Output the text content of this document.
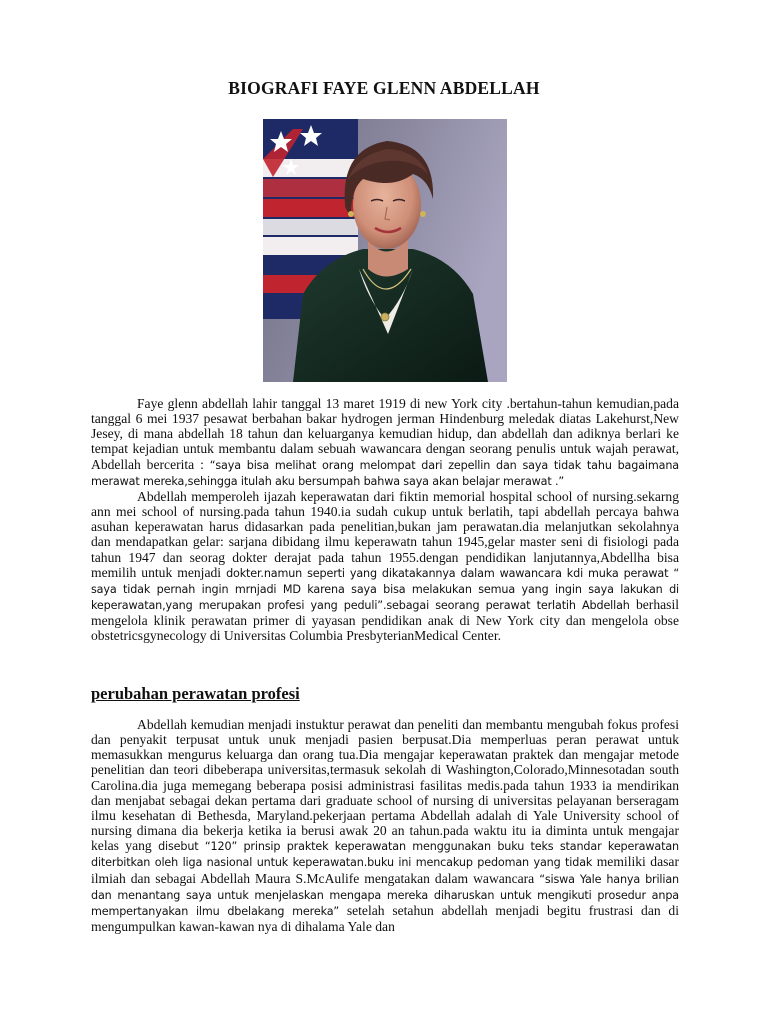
BIOGRAFI FAYE GLENN ABDELLAH

Faye glenn abdellah lahir tanggal 13 maret 1919 di new York city .bertahun-tahun kemudian,pada tanggal 6 mei 1937 pesawat berbahan bakar hydrogen jerman Hindenburg meledak diatas Lakehurst,New Jesey, di mana abdellah 18 tahun dan keluarganya kemudian hidup, dan abdellah dan adiknya berlari ke tempat kejadian untuk membantu dalam sebuah wawancara dengan seorang penulis untuk wajah perawat, Abdellah bercerita : “saya bisa melihat orang melompat dari zepellin dan saya tidak tahu bagaimana merawat mereka,sehingga itulah aku bersumpah bahwa saya akan belajar merawat .”

Abdellah memperoleh ijazah keperawatan dari fiktin memorial hospital school of nursing.sekarng ann mei school of nursing.pada tahun 1940.ia sudah cukup untuk berlatih, tapi abdellah percaya bahwa asuhan keperawatan harus didasarkan pada penelitian,bukan jam perawatan.dia melanjutkan sekolahnya dan mendapatkan gelar: sarjana dibidang ilmu keperawatn tahun 1945,gelar master seni di fisiologi pada tahun 1947 dan seorag dokter derajat pada tahun 1955.dengan pendidikan lanjutannya,Abdellha bisa memilih untuk menjadi dokter.namun seperti yang dikatakannya dalam wawancara kdi muka perawat “ saya tidak pernah ingin mrnjadi MD karena saya bisa melakukan semua yang ingin saya lakukan di keperawatan,yang merupakan profesi yang peduli”.sebagai seorang perawat terlatih Abdellah berhasil mengelola klinik perawatan primer di yayasan pendidikan anak di New York city dan mengelola obse obstetricsgynecology di Universitas Columbia PresbyterianMedical Center.

perubahan perawatan profesi

Abdellah kemudian menjadi instuktur perawat dan peneliti dan membantu mengubah fokus profesi dan penyakit terpusat untuk unuk menjadi pasien berpusat.Dia memperluas peran perawat untuk memasukkan mengurus keluarga dan orang tua.Dia mengajar keperawatan praktek dan mengajar metode penelitian dan teori dibeberapa universitas,termasuk sekolah di Washington,Colorado,Minnesotadan south Carolina.dia juga memegang beberapa posisi administrasi fasilitas medis.pada tahun 1933 ia mendirikan dan menjabat sebagai dekan pertama dari graduate school of nursing di universitas pelayanan berseragam ilmu kesehatan di Bethesda, Maryland.pekerjaan pertama Abdellah adalah di Yale University school of nursing dimana dia bekerja ketika ia berusi awak 20 an tahun.pada waktu itu ia diminta untuk mengajar kelas yang disebut “120” prinsip praktek keperawatan menggunakan buku teks standar keperawatan diterbitkan oleh liga nasional untuk keperawatan.buku ini mencakup pedoman yang tidak memiliki dasar ilmiah dan sebagai Abdellah Maura S.McAulife mengatakan dalam wawancara “siswa Yale hanya brilian dan menantang saya untuk menjelaskan mengapa mereka diharuskan untuk mengikuti prosedur anpa mempertanyakan ilmu dbelakang mereka” setelah setahun abdellah menjadi begitu frustrasi dan di mengumpulkan kawan-kawan nya di dihalama Yale dan
